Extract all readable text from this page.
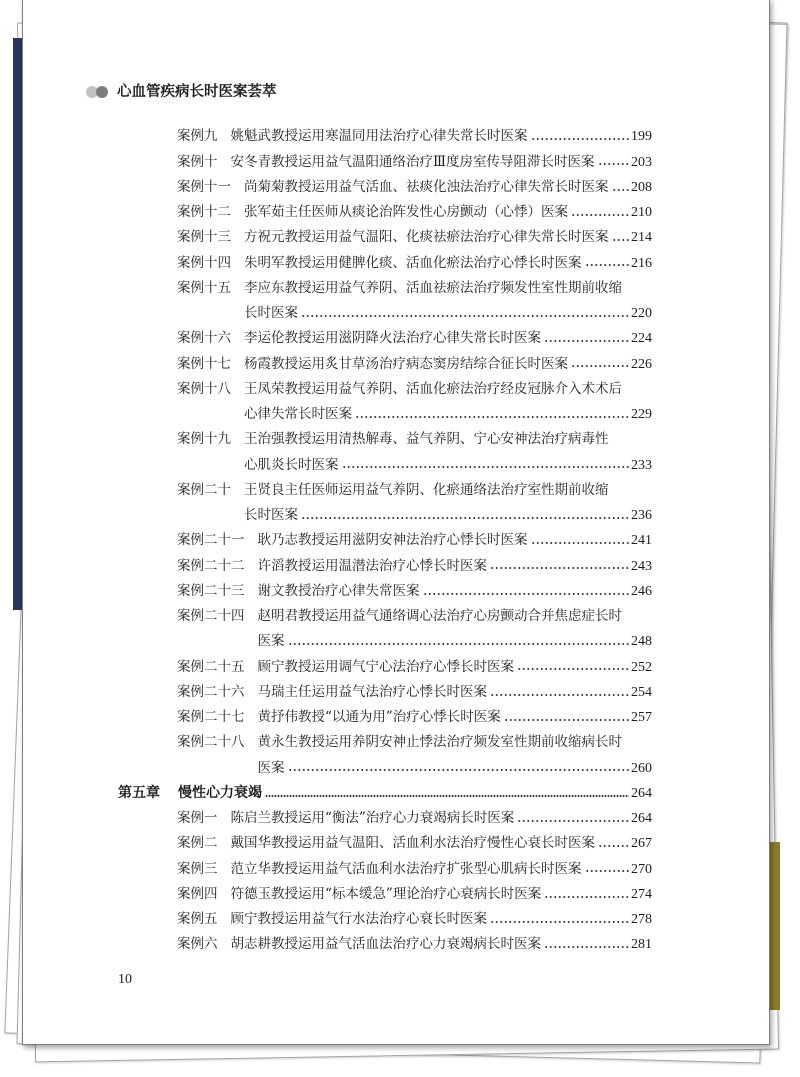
心血管疾病长时医案荟萃
案例九 姚魁武教授运用寒温同用法治疗心律失常长时医案	199
案例十 安冬青教授运用益气温阳通络治疗Ⅲ度房室传导阻滞长时医案	203
案例十一 尚菊菊教授运用益气活血、祛痰化浊法治疗心律失常长时医案 208
案例十二 张军茹主任医师从痰论治阵发性心房颤动（心悸）医案	210
案例十三 方祝元教授运用益气温阳、化痰祛瘀法治疗心律失常长时医案 214
案例十四 朱明军教授运用健脾化痰、活血化瘀法治疗心悸长时医案	216
案例十五 李应东教授运用益气养阴、活血祛瘀法治疗频发性室性期前收缩
长时医案	220
案例十六 李运伦教授运用滋阴降火法治疗心律失常长时医案	224
案例十七 杨霞教授运用炙甘草汤治疗病态窦房结综合征长时医案	226
案例十八 王凤荣教授运用益气养阴、活血化瘀法治疗经皮冠脉介入术术后
心律失常长时医案	229
案例十九 王治强教授运用清热解毒、益气养阴、宁心安神法治疗病毒性
心肌炎长时医案	233
案例二十 王贤良主任医师运用益气养阴、化瘀通络法治疗室性期前收缩
长时医案	236
案例二十一 耿乃志教授运用滋阴安神法治疗心悸长时医案	241
案例二十二 许滔教授运用温潜法治疗心悸长时医案	243
案例二十三 谢文教授治疗心律失常医案	246
案例二十四 赵明君教授运用益气通络调心法治疗心房颤动合并焦虑症长时
医案	248
案例二十五 顾宁教授运用调气宁心法治疗心悸长时医案	252
案例二十六 马瑞主任运用益气法治疗心悸长时医案	254
案例二十七 黄抒伟教授“以通为用”治疗心悸长时医案	257
案例二十八 黄永生教授运用养阴安神止悸法治疗频发室性期前收缩病长时
医案	260
第五章	慢性心力衰竭	264
案例一 陈启兰教授运用“衡法”治疗心力衰竭病长时医案	264
案例二 戴国华教授运用益气温阳、活血利水法治疗慢性心衰长时医案	267
案例三 范立华教授运用益气活血利水法治疗扩张型心肌病长时医案	270
案例四 符德玉教授运用“标本缓急”理论治疗心衰病长时医案	274
案例五 顾宁教授运用益气行水法治疗心衰长时医案	278
案例六 胡志耕教授运用益气活血法治疗心力衰竭病长时医案	281
10
